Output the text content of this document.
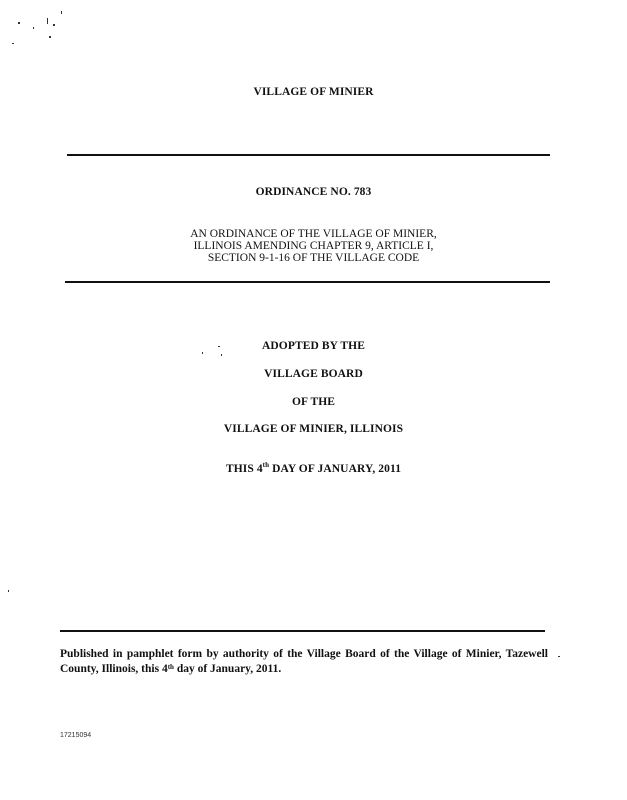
VILLAGE OF MINIER
ORDINANCE NO. 783
AN ORDINANCE OF THE VILLAGE OF MINIER,
ILLINOIS AMENDING CHAPTER 9, ARTICLE I,
SECTION 9-1-16 OF THE VILLAGE CODE
ADOPTED BY THE
VILLAGE BOARD
OF THE
VILLAGE OF MINIER, ILLINOIS
THIS 4th DAY OF JANUARY, 2011
Published in pamphlet form by authority of the Village Board of the Village of Minier, Tazewell County, Illinois, this 4th day of January, 2011.
17215094
